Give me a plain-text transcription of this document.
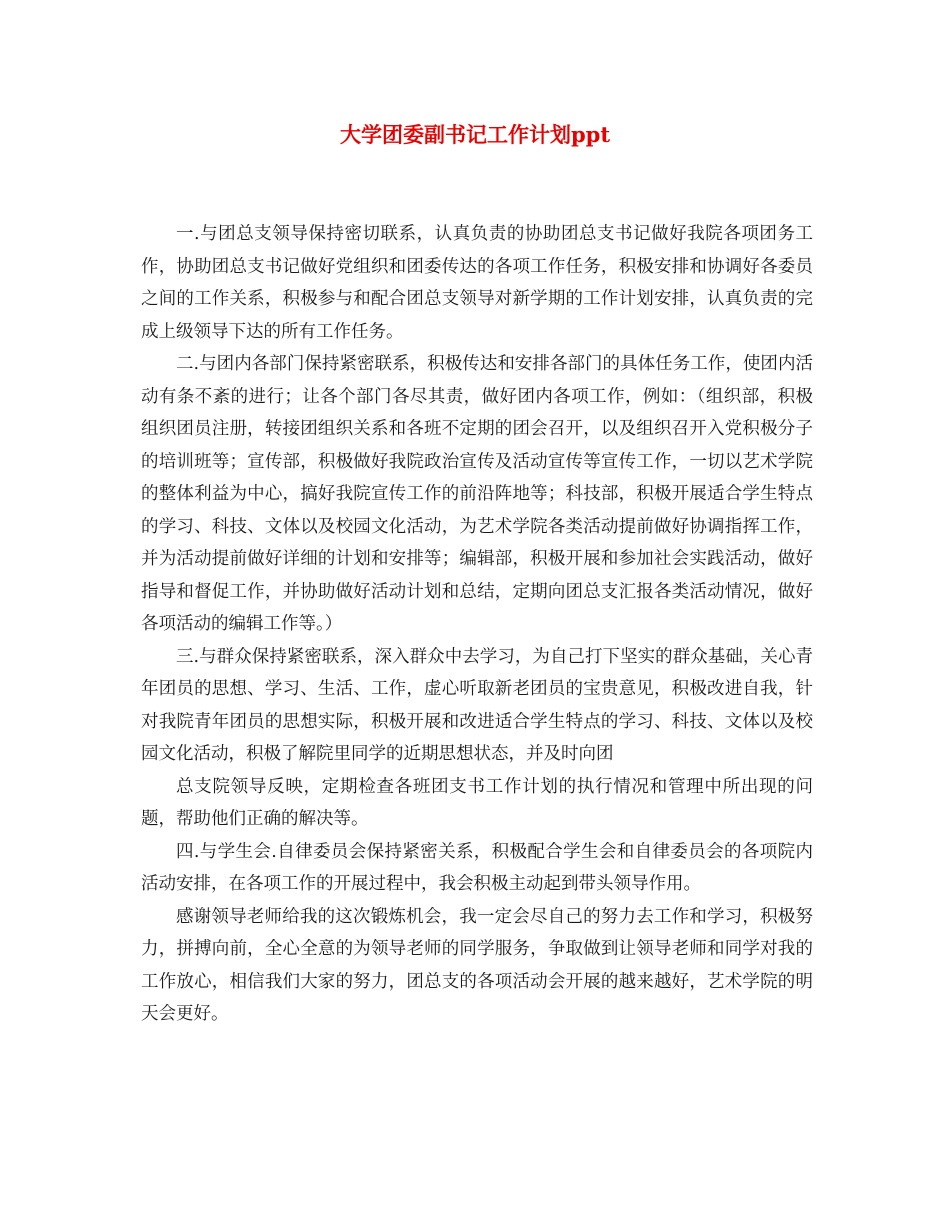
大学团委副书记工作计划ppt

一.与团总支领导保持密切联系，认真负责的协助团总支书记做好我院各项团务工作，协助团总支书记做好党组织和团委传达的各项工作任务，积极安排和协调好各委员之间的工作关系，积极参与和配合团总支领导对新学期的工作计划安排，认真负责的完成上级领导下达的所有工作任务。

二.与团内各部门保持紧密联系，积极传达和安排各部门的具体任务工作，使团内活动有条不紊的进行；让各个部门各尽其责，做好团内各项工作，例如：（组织部，积极组织团员注册，转接团组织关系和各班不定期的团会召开，以及组织召开入党积极分子的培训班等；宣传部，积极做好我院政治宣传及活动宣传等宣传工作，一切以艺术学院的整体利益为中心，搞好我院宣传工作的前沿阵地等；科技部，积极开展适合学生特点的学习、科技、文体以及校园文化活动，为艺术学院各类活动提前做好协调指挥工作，并为活动提前做好详细的计划和安排等；编辑部，积极开展和参加社会实践活动，做好指导和督促工作，并协助做好活动计划和总结，定期向团总支汇报各类活动情况，做好各项活动的编辑工作等。）

三.与群众保持紧密联系，深入群众中去学习，为自己打下坚实的群众基础，关心青年团员的思想、学习、生活、工作，虚心听取新老团员的宝贵意见，积极改进自我，针对我院青年团员的思想实际，积极开展和改进适合学生特点的学习、科技、文体以及校园文化活动，积极了解院里同学的近期思想状态，并及时向团

总支院领导反映，定期检查各班团支书工作计划的执行情况和管理中所出现的问题，帮助他们正确的解决等。

四.与学生会.自律委员会保持紧密关系，积极配合学生会和自律委员会的各项院内活动安排，在各项工作的开展过程中，我会积极主动起到带头领导作用。

感谢领导老师给我的这次锻炼机会，我一定会尽自己的努力去工作和学习，积极努力，拼搏向前，全心全意的为领导老师的同学服务，争取做到让领导老师和同学对我的工作放心，相信我们大家的努力，团总支的各项活动会开展的越来越好，艺术学院的明天会更好。
